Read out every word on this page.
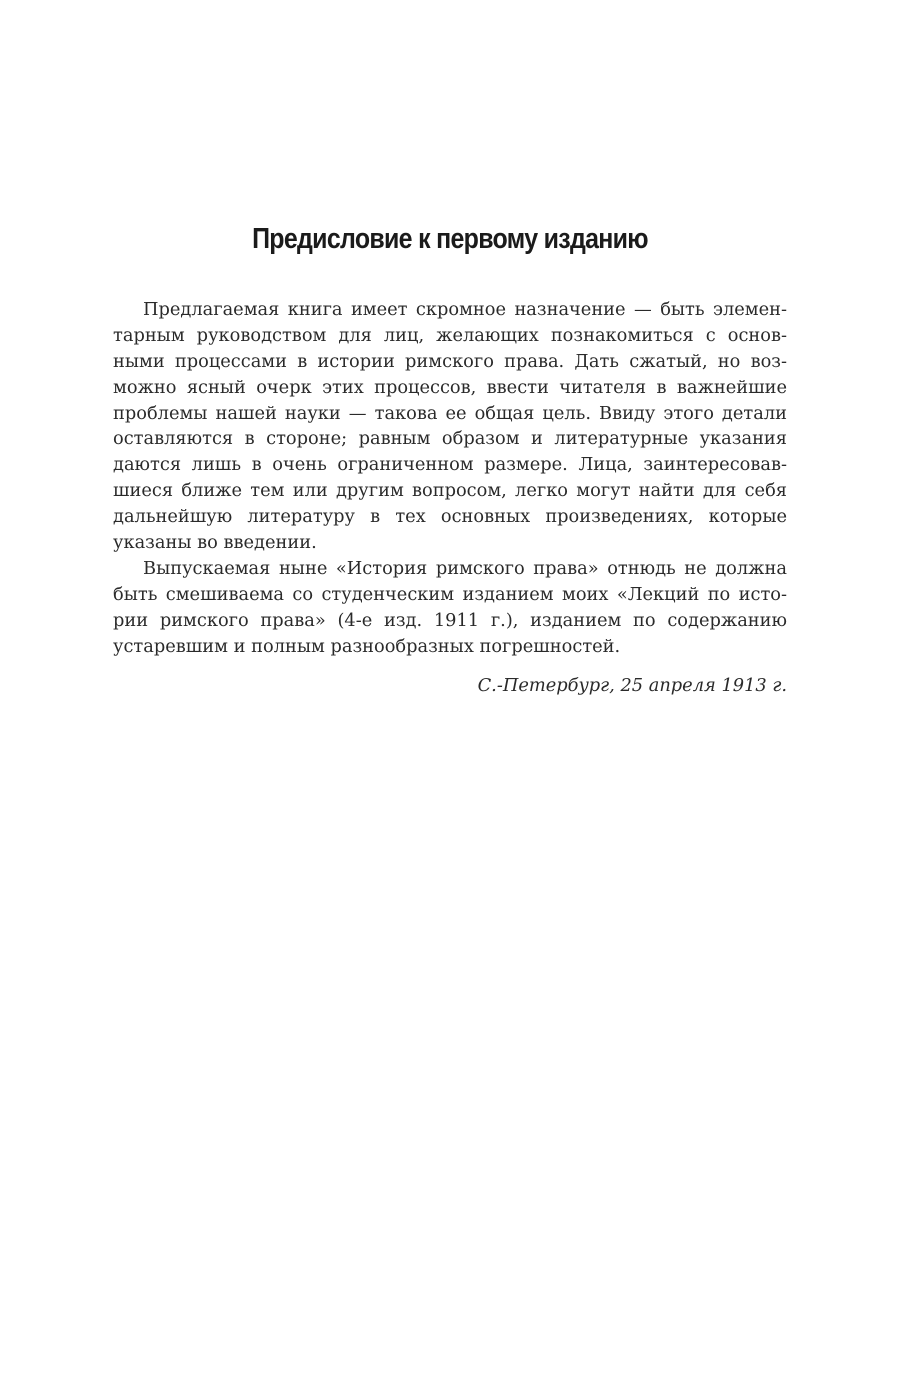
Предисловие к первому изданию
Предлагаемая книга имеет скромное назначение — быть элемен-
тарным руководством для лиц, желающих познакомиться с основ-
ными процессами в истории римского права. Дать сжатый, но воз-
можно ясный очерк этих процессов, ввести читателя в важнейшие
проблемы нашей науки — такова ее общая цель. Ввиду этого детали
оставляются в стороне; равным образом и литературные указания
даются лишь в очень ограниченном размере. Лица, заинтересовав-
шиеся ближе тем или другим вопросом, легко могут найти для себя
дальнейшую литературу в тех основных произведениях, которые
указаны во введении.
Выпускаемая ныне «История римского права» отнюдь не должна
быть смешиваема со студенческим изданием моих «Лекций по исто-
рии римского права» (4-е изд. 1911 г.), изданием по содержанию
устаревшим и полным разнообразных погрешностей.
С.-Петербург, 25 апреля 1913 г.
